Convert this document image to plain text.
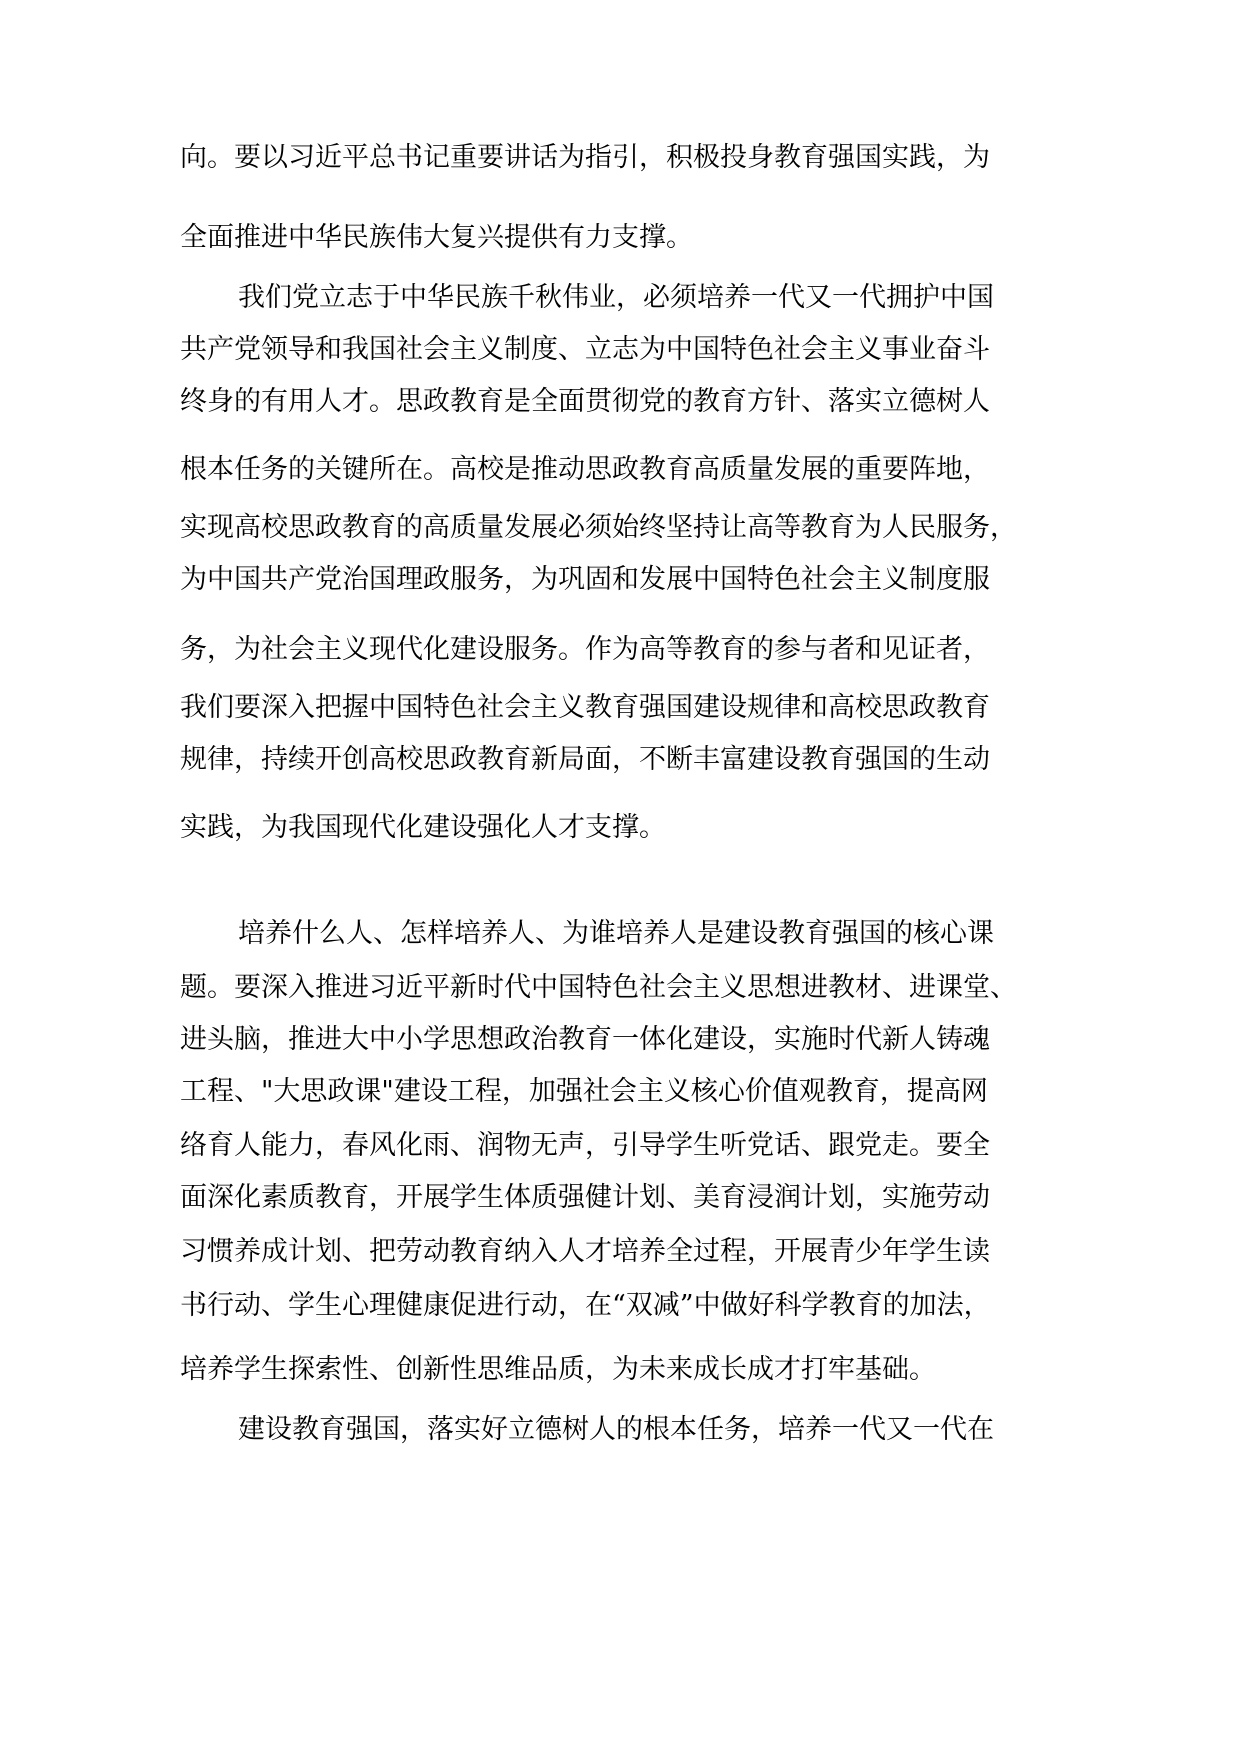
向。要以习近平总书记重要讲话为指引，积极投身教育强国实践，为
全面推进中华民族伟大复兴提供有力支撑。
我们党立志于中华民族千秋伟业，必须培养一代又一代拥护中国
共产党领导和我国社会主义制度、立志为中国特色社会主义事业奋斗
终身的有用人才。思政教育是全面贯彻党的教育方针、落实立德树人
根本任务的关键所在。高校是推动思政教育高质量发展的重要阵地，
实现高校思政教育的高质量发展必须始终坚持让高等教育为人民服务，
为中国共产党治国理政服务，为巩固和发展中国特色社会主义制度服
务，为社会主义现代化建设服务。作为高等教育的参与者和见证者，
我们要深入把握中国特色社会主义教育强国建设规律和高校思政教育
规律，持续开创高校思政教育新局面，不断丰富建设教育强国的生动
实践，为我国现代化建设强化人才支撑。
培养什么人、怎样培养人、为谁培养人是建设教育强国的核心课
题。要深入推进习近平新时代中国特色社会主义思想进教材、进课堂、
进头脑，推进大中小学思想政治教育一体化建设，实施时代新人铸魂
工程、"大思政课"建设工程，加强社会主义核心价值观教育，提高网
络育人能力，春风化雨、润物无声，引导学生听党话、跟党走。要全
面深化素质教育，开展学生体质强健计划、美育浸润计划，实施劳动
习惯养成计划、把劳动教育纳入人才培养全过程，开展青少年学生读
书行动、学生心理健康促进行动，在“双减”中做好科学教育的加法，
培养学生探索性、创新性思维品质，为未来成长成才打牢基础。
建设教育强国，落实好立德树人的根本任务，培养一代又一代在
